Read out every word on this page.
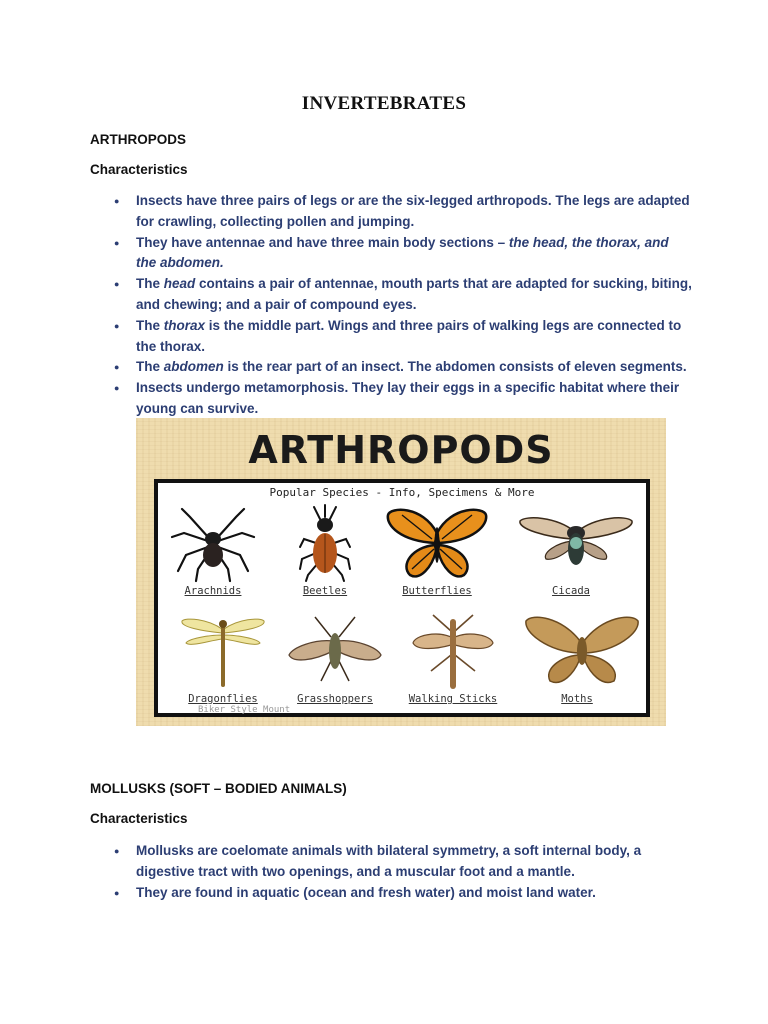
INVERTEBRATES
ARTHROPODS
Characteristics
● Insects have three pairs of legs or are the six-legged arthropods. The legs are adapted for crawling, collecting pollen and jumping.
● They have antennae and have three main body sections – the head, the thorax, and the abdomen.
● The head contains a pair of antennae, mouth parts that are adapted for sucking, biting, and chewing; and a pair of compound eyes.
● The thorax is the middle part. Wings and three pairs of walking legs are connected to the thorax.
● The abdomen is the rear part of an insect. The abdomen consists of eleven segments.
● Insects undergo metamorphosis. They lay their eggs in a specific habitat where their young can survive.
ARTHROPODS
Popular Species - Info, Specimens & More
Arachnids	Beetles	Butterflies	Cicada
Dragonflies	Grasshoppers	Walking Sticks	Moths
Biker Style Mount
MOLLUSKS (SOFT – BODIED ANIMALS)
Characteristics
● Mollusks are coelomate animals with bilateral symmetry, a soft internal body, a digestive tract with two openings, and a muscular foot and a mantle.
● They are found in aquatic (ocean and fresh water) and moist land water.
